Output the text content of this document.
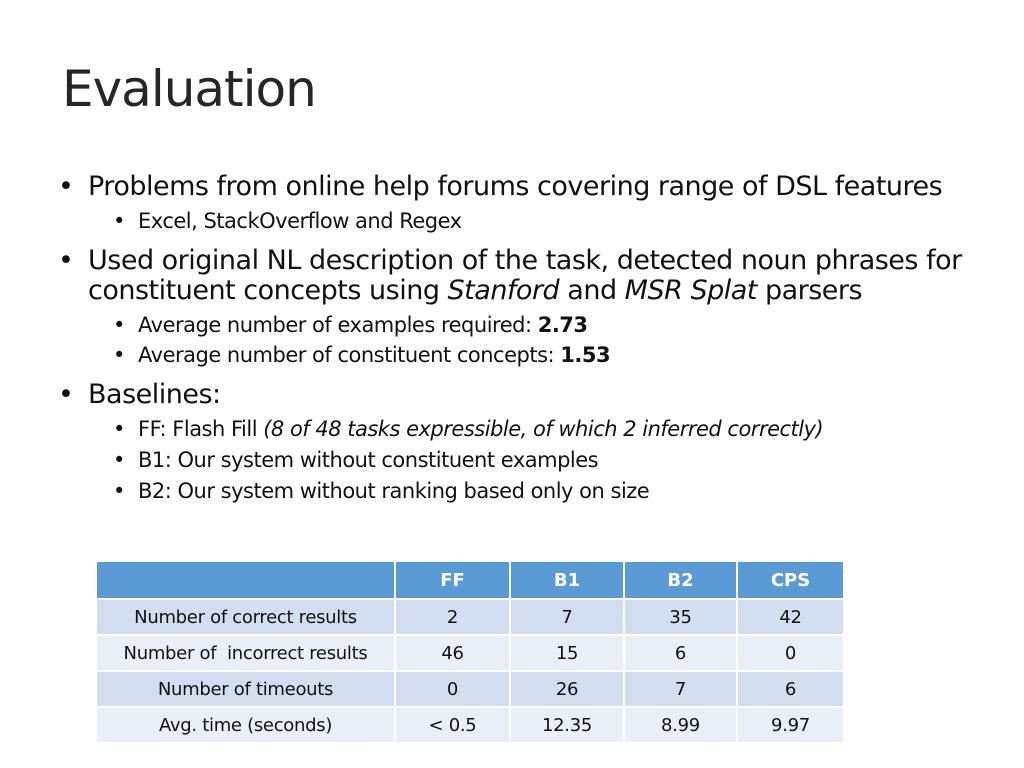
Evaluation
• Problems from online help forums covering range of DSL features
• Excel, StackOverflow and Regex
• Used original NL description of the task, detected noun phrases for
constituent concepts using Stanford and MSR Splat parsers
• Average number of examples required: 2.73
• Average number of constituent concepts: 1.53
• Baselines:
• FF: Flash Fill (8 of 48 tasks expressible, of which 2 inferred correctly)
• B1: Our system without constituent examples
• B2: Our system without ranking based only on size
	FF	B1	B2	CPS
Number of correct results	2	7	35	42
Number of  incorrect results	46	15	6	0
Number of timeouts	0	26	7	6
Avg. time (seconds)	< 0.5	12.35	8.99	9.97
